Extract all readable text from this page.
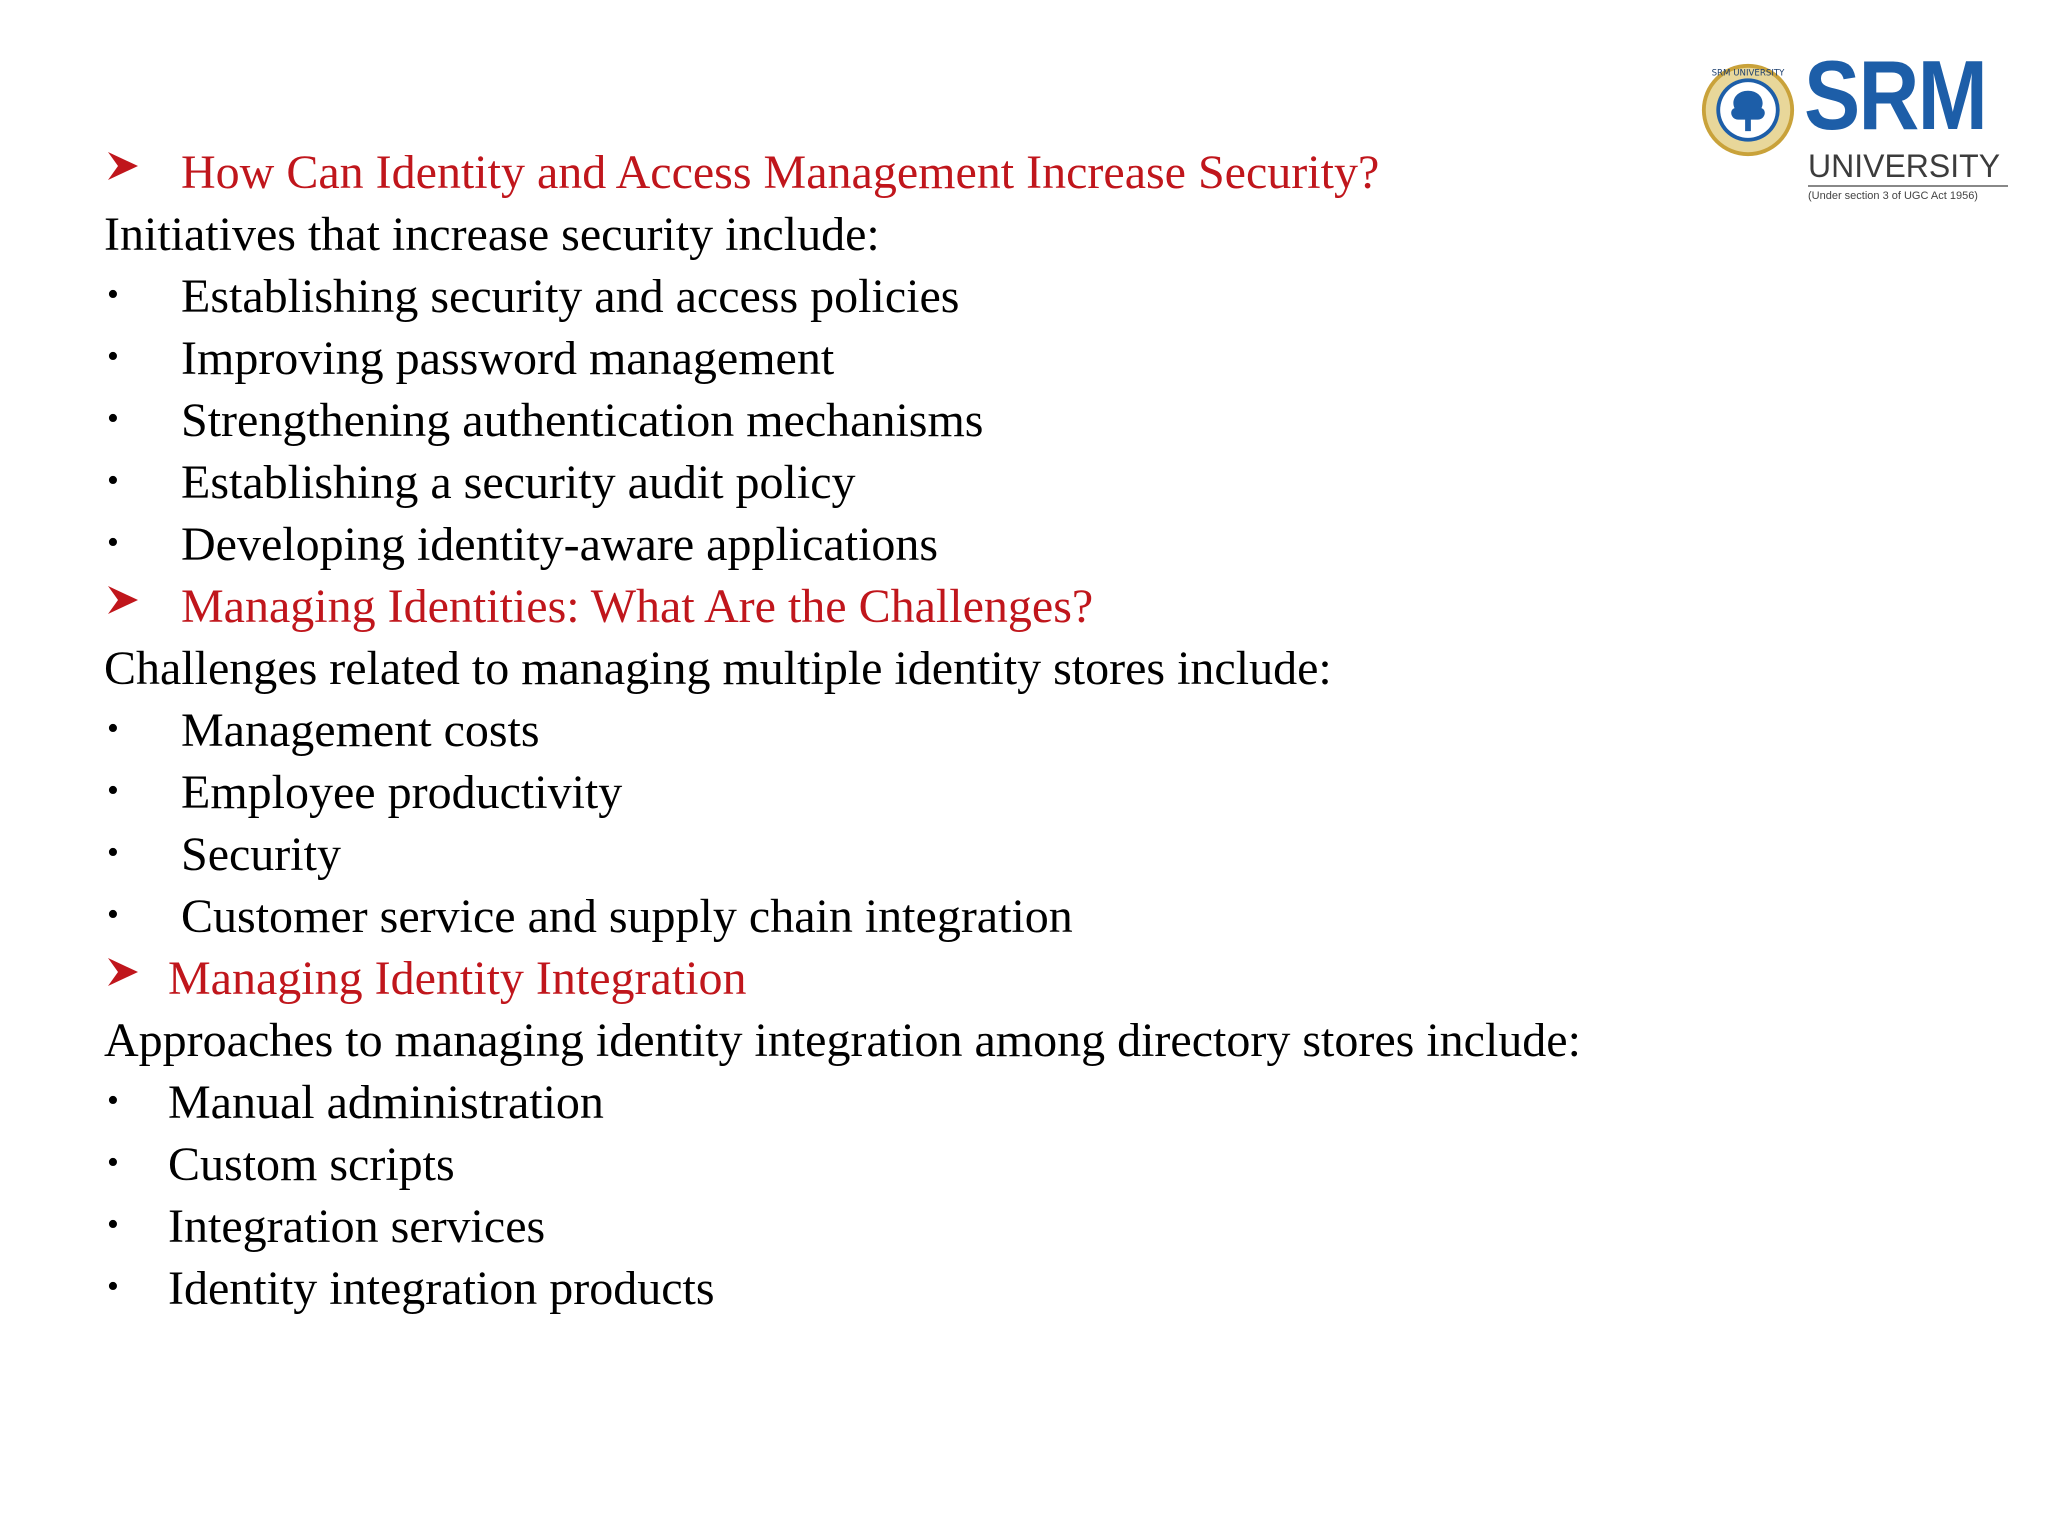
SRM UNIVERSITY SRM
UNIVERSITY
(Under section 3 of UGC Act 1956)
How Can Identity and Access Management Increase Security?
Initiatives that increase security include:
• Establishing security and access policies
• Improving password management
• Strengthening authentication mechanisms
• Establishing a security audit policy
• Developing identity-aware applications
Managing Identities: What Are the Challenges?
Challenges related to managing multiple identity stores include:
• Management costs
• Employee productivity
• Security
• Customer service and supply chain integration
Managing Identity Integration
Approaches to managing identity integration among directory stores include:
• Manual administration
• Custom scripts
• Integration services
• Identity integration products
